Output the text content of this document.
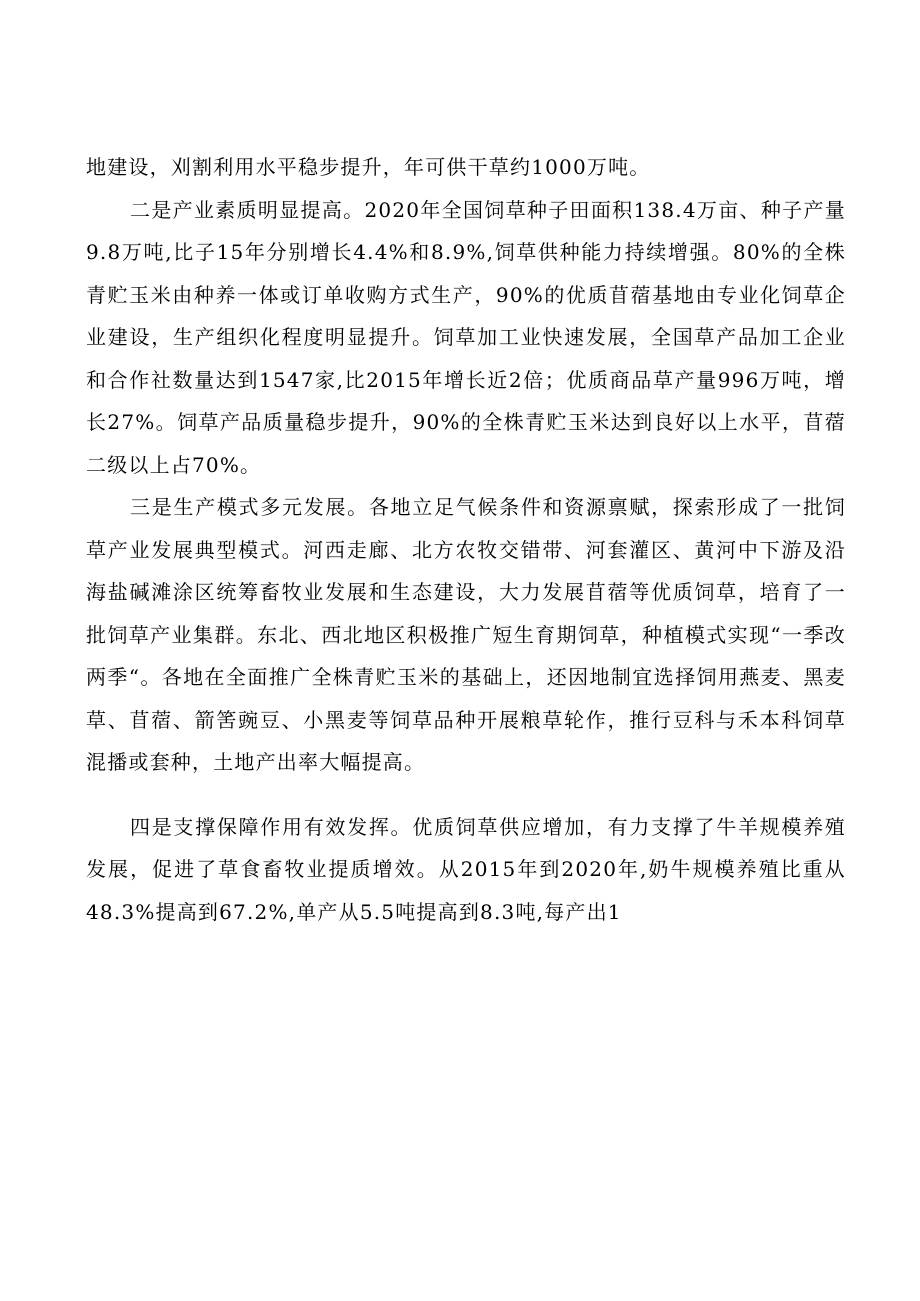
地建设，刈割利用水平稳步提升，年可供干草约1000万吨。

二是产业素质明显提高。2020年全国饲草种子田面积138.4万亩、种子产量9.8万吨,比子15年分别增长4.4%和8.9%,饲草供种能力持续增强。80%的全株青贮玉米由种养一体或订单收购方式生产，90%的优质苜蓿基地由专业化饲草企业建设，生产组织化程度明显提升。饲草加工业快速发展，全国草产品加工企业和合作社数量达到1547家,比2015年增长近2倍；优质商品草产量996万吨，增长27%。饲草产品质量稳步提升，90%的全株青贮玉米达到良好以上水平，苜蓿二级以上占70%。

三是生产模式多元发展。各地立足气候条件和资源禀赋，探索形成了一批饲草产业发展典型模式。河西走廊、北方农牧交错带、河套灌区、黄河中下游及沿海盐碱滩涂区统筹畜牧业发展和生态建设，大力发展苜蓿等优质饲草，培育了一批饲草产业集群。东北、西北地区积极推广短生育期饲草，种植模式实现“一季改两季“。各地在全面推广全株青贮玉米的基础上，还因地制宜选择饲用燕麦、黑麦草、苜蓿、箭筈豌豆、小黑麦等饲草品种开展粮草轮作，推行豆科与禾本科饲草混播或套种，土地产出率大幅提高。

四是支撑保障作用有效发挥。优质饲草供应增加，有力支撑了牛羊规模养殖发展，促进了草食畜牧业提质增效。从2015年到2020年,奶牛规模养殖比重从48.3%提高到67.2%,单产从5.5吨提高到8.3吨,每产出1
